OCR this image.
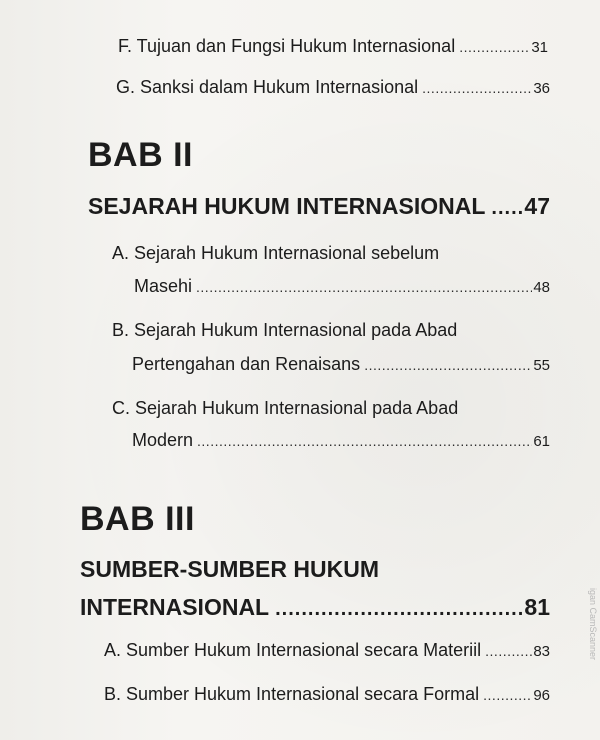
F. Tujuan dan Fungsi Hukum Internasional .....	31
G. Sanksi dalam Hukum Internasional .....	36
BAB II
SEJARAH HUKUM INTERNASIONAL ..... 47
A. Sejarah Hukum Internasional sebelum
Masehi .....	48
B. Sejarah Hukum Internasional pada Abad
Pertengahan dan Renaisans .....	55
C. Sejarah Hukum Internasional pada Abad
Modern .....	61
BAB III
SUMBER-SUMBER HUKUM
INTERNASIONAL .....	81
A. Sumber Hukum Internasional secara Materiil .....	83
B. Sumber Hukum Internasional secara Formal .....	96
igan CamScanner
